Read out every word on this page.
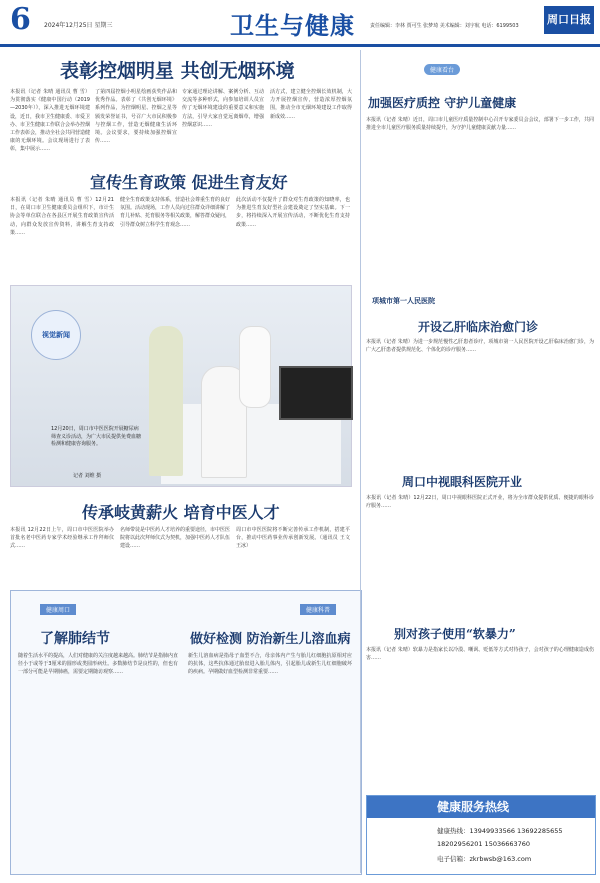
6 2024年12月25日 星期三	卫生与健康	责任编辑：李林 贾可生 张梦琦 美术编辑：刘宇航 电话：6199503	周口日报
表彰控烟明星 共创无烟环境
本报讯（记者 朱晴 通讯员 曹 雪）为贯彻落实《健康中国行动（2019—2030年）》，深入推进无烟环境建设，近日，我市卫生健康委、市爱卫办、市卫生健康工作联合会举办控烟工作表彰会，推动全社会共同营造健康的无烟环境。会议现场进行了表彰，集中展示……
了第四届控烟小明星绘画获奖作品和优秀作品。表彰了《共创无烟环境》系列作品，为控烟明星、控烟之星等颁发荣誉证书，号召广大市民积极参与控烟工作，营造无烟健康生活环境。会议要求，要持续加强控烟宣传……
专家通过理论讲解、案例分析、互动交流等多种形式，向参加培训人员宣传了无烟环境建设的重要意义和实施方法，引导大家自觉远离烟草，增强控烟意识……
活方式，建立健全控烟长效机制，大力开展控烟宣传，营造浓厚控烟氛围，推动全市无烟环境建设工作取得新成效……
宣传生育政策 促进生育友好
本报讯（记者 朱晴 通讯员 曹 雪）12月21日，在周口市卫生健康委员会组织下，市计生协会等单位联合在各县区开展生育政策宣传活动，向群众发放宣传资料，讲解生育支持政策……
健全生育政策支持体系，营造社会尊重生育的良好氛围。活动现场，工作人员向过往群众详细讲解了育儿补贴、托育服务等相关政策，解答群众疑问，引导群众树立科学生育观念……
此次活动不仅提升了群众对生育政策的知晓率，也为推进生育友好型社会建设奠定了坚实基础。下一步，将持续深入开展宣传活动，不断优化生育支持政策……
视觉新闻
12月20日，周口市中医医院开展糖尿病筛查义诊活动，为广大市民提供免费血糖检测和健康咨询服务。
记者 刘维 摄
传承岐黄薪火 培育中医人才
本报讯 12月22日上午，周口市中医医院举办首批名老中医药专家学术经验继承工作拜师仪式……
名师带徒是中医药人才培养的重要途径，市中医医院将以此次拜师仪式为契机，加强中医药人才队伍建设……
周口市中医医院将不断完善传承工作机制，搭建平台，推动中医药事业传承创新发展。（通讯员 王文 王冰）
健康周口	健康科普
了解肺结节	做好检测 防治新生儿溶血病
随着生活水平的提高，人们对健康的关注度越来越高。肺结节是指肺内直径小于或等于3厘米的圆形或类圆形病灶。多数肺结节是良性的，但也有一部分可能是早期肺癌，需要定期随访观察……
新生儿溶血病是指母子血型不合，母亲体内产生与胎儿红细胞抗原相对应的抗体，这些抗体通过胎盘进入胎儿体内，引起胎儿或新生儿红细胞破坏的疾病。孕期做好血型检测非常重要……
健康看台
加强医疗质控 守护儿童健康
本报讯（记者 朱晴）近日，周口市儿童医疗质量控制中心召开专家委员会会议，部署下一步工作，共同推进全市儿童医疗服务质量持续提升，为守护儿童健康贡献力量……
项城市第一人民医院
开设乙肝临床治愈门诊
本报讯（记者 朱晴）为进一步规范慢性乙肝患者诊疗，项城市第一人民医院开设乙肝临床治愈门诊，为广大乙肝患者提供规范化、个体化的诊疗服务……
周口中视眼科医院开业
本报讯（记者 朱晴）12月22日，周口中视眼科医院正式开业，将为全市群众提供优质、便捷的眼科诊疗服务……
别对孩子使用“软暴力”
本报讯（记者 朱晴）软暴力是指家长以冷漠、嘲讽、贬低等方式对待孩子，会对孩子的心理健康造成伤害……
健康服务热线
健康热线：13949933566 13692285655
18202956201 15036663760
电子信箱：zkrbwsb@163.com
